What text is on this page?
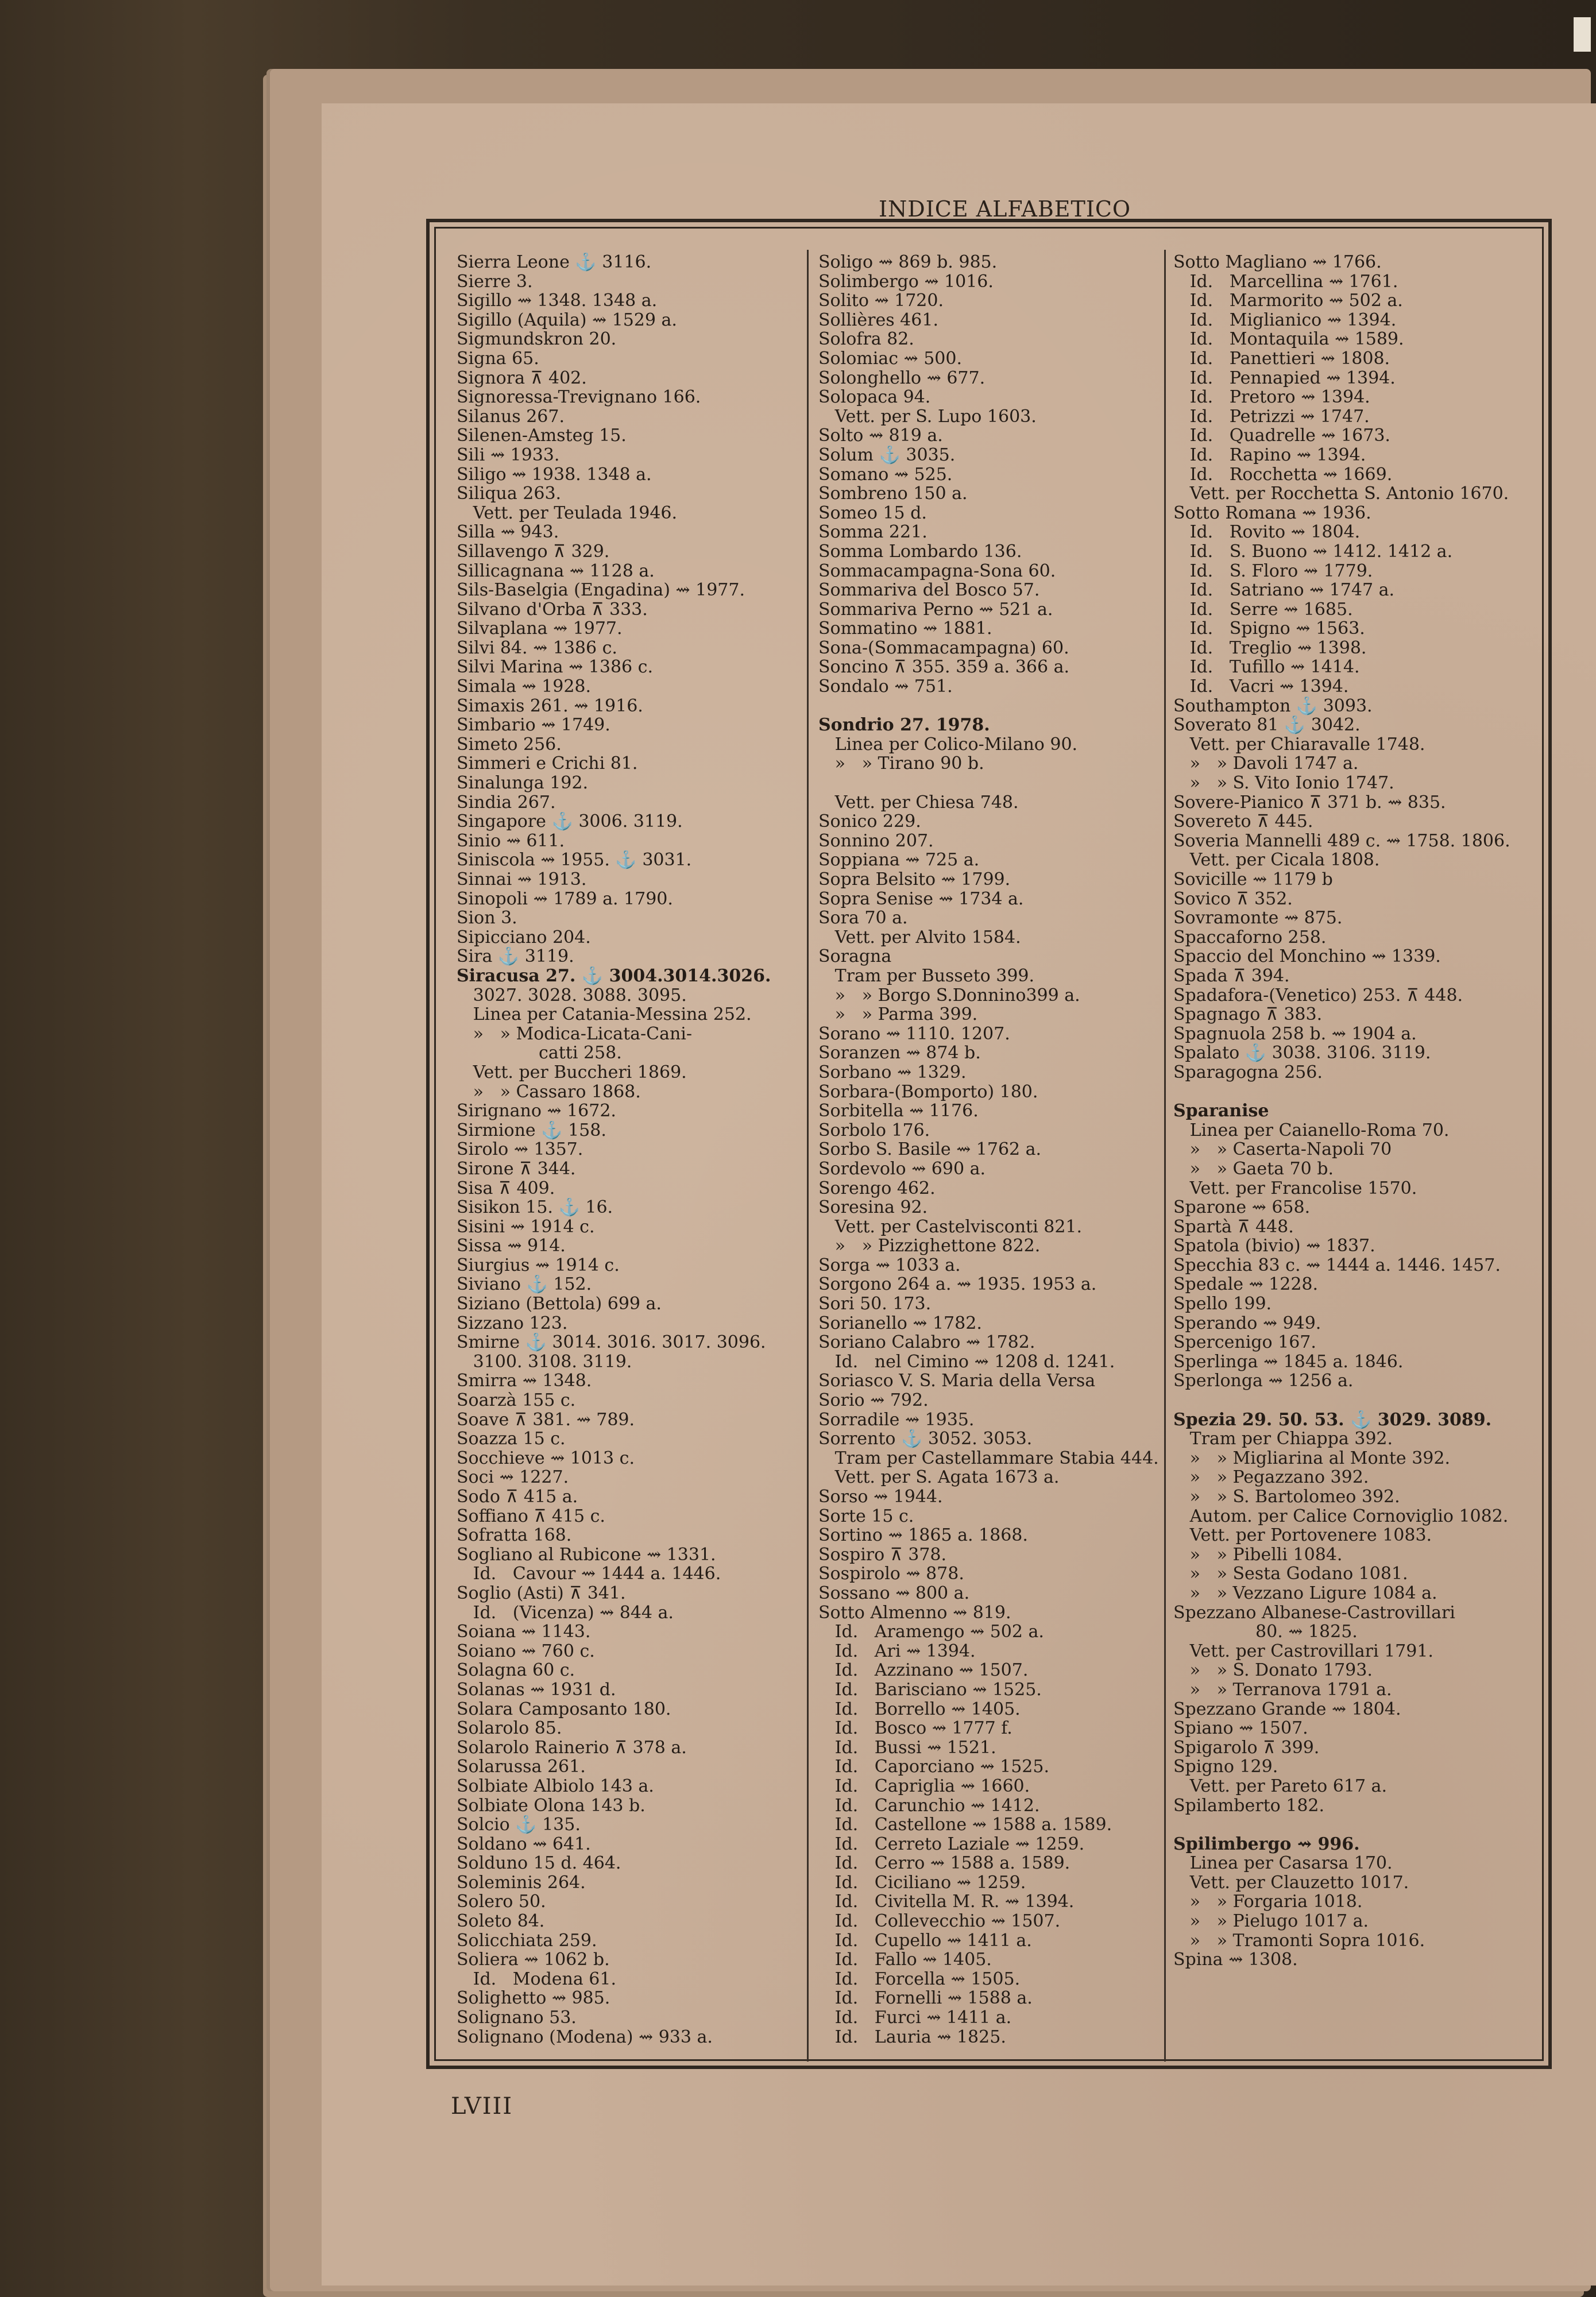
INDICE ALFABETICO
Sierra Leone ⚓ 3116.
Sierre 3.
Sigillo ⇝ 1348. 1348 a.
Sigillo (Aquila) ⇝ 1529 a.
Sigmundskron 20.
Signa 65.
Signora ⊼ 402.
Signoressa-Trevignano 166.
Silanus 267.
Silenen-Amsteg 15.
Sili ⇝ 1933.
Siligo ⇝ 1938. 1348 a.
Siliqua 263.
Vett. per Teulada 1946.
Silla ⇝ 943.
Sillavengo ⊼ 329.
Sillicagnana ⇝ 1128 a.
Sils-Baselgia (Engadina) ⇝ 1977.
Silvano d'Orba ⊼ 333.
Silvaplana ⇝ 1977.
Silvi 84. ⇝ 1386 c.
Silvi Marina ⇝ 1386 c.
Simala ⇝ 1928.
Simaxis 261. ⇝ 1916.
Simbario ⇝ 1749.
Simeto 256.
Simmeri e Crichi 81.
Sinalunga 192.
Sindia 267.
Singapore ⚓ 3006. 3119.
Sinio ⇝ 611.
Siniscola ⇝ 1955. ⚓ 3031.
Sinnai ⇝ 1913.
Sinopoli ⇝ 1789 a. 1790.
Sion 3.
Sipicciano 204.
Sira ⚓ 3119.
Siracusa 27. ⚓ 3004.3014.3026.
3027. 3028. 3088. 3095.
Linea per Catania-Messina 252.
»   » Modica-Licata-Cani-
catti 258.
Vett. per Buccheri 1869.
»   » Cassaro 1868.
Sirignano ⇝ 1672.
Sirmione ⚓ 158.
Sirolo ⇝ 1357.
Sirone ⊼ 344.
Sisa ⊼ 409.
Sisikon 15. ⚓ 16.
Sisini ⇝ 1914 c.
Sissa ⇝ 914.
Siurgius ⇝ 1914 c.
Siviano ⚓ 152.
Siziano (Bettola) 699 a.
Sizzano 123.
Smirne ⚓ 3014. 3016. 3017. 3096.
3100. 3108. 3119.
Smirra ⇝ 1348.
Soarzà 155 c.
Soave ⊼ 381. ⇝ 789.
Soazza 15 c.
Socchieve ⇝ 1013 c.
Soci ⇝ 1227.
Sodo ⊼ 415 a.
Soffiano ⊼ 415 c.
Sofratta 168.
Sogliano al Rubicone ⇝ 1331.
Id.   Cavour ⇝ 1444 a. 1446.
Soglio (Asti) ⊼ 341.
Id.   (Vicenza) ⇝ 844 a.
Soiana ⇝ 1143.
Soiano ⇝ 760 c.
Solagna 60 c.
Solanas ⇝ 1931 d.
Solara Camposanto 180.
Solarolo 85.
Solarolo Rainerio ⊼ 378 a.
Solarussa 261.
Solbiate Albiolo 143 a.
Solbiate Olona 143 b.
Solcio ⚓ 135.
Soldano ⇝ 641.
Solduno 15 d. 464.
Soleminis 264.
Solero 50.
Soleto 84.
Solicchiata 259.
Soliera ⇝ 1062 b.
Id.   Modena 61.
Solighetto ⇝ 985.
Solignano 53.
Solignano (Modena) ⇝ 933 a.
Soligo ⇝ 869 b. 985.
Solimbergo ⇝ 1016.
Solito ⇝ 1720.
Sollières 461.
Solofra 82.
Solomiac ⇝ 500.
Solonghello ⇝ 677.
Solopaca 94.
Vett. per S. Lupo 1603.
Solto ⇝ 819 a.
Solum ⚓ 3035.
Somano ⇝ 525.
Sombreno 150 a.
Someo 15 d.
Somma 221.
Somma Lombardo 136.
Sommacampagna-Sona 60.
Sommariva del Bosco 57.
Sommariva Perno ⇝ 521 a.
Sommatino ⇝ 1881.
Sona-(Sommacampagna) 60.
Soncino ⊼ 355. 359 a. 366 a.
Sondalo ⇝ 751.
Sondrio 27. 1978.
Linea per Colico-Milano 90.
»   » Tirano 90 b.
Vett. per Chiesa 748.
Sonico 229.
Sonnino 207.
Soppiana ⇝ 725 a.
Sopra Belsito ⇝ 1799.
Sopra Senise ⇝ 1734 a.
Sora 70 a.
Vett. per Alvito 1584.
Soragna
Tram per Busseto 399.
»   » Borgo S.Donnino399 a.
»   » Parma 399.
Sorano ⇝ 1110. 1207.
Soranzen ⇝ 874 b.
Sorbano ⇝ 1329.
Sorbara-(Bomporto) 180.
Sorbitella ⇝ 1176.
Sorbolo 176.
Sorbo S. Basile ⇝ 1762 a.
Sordevolo ⇝ 690 a.
Sorengo 462.
Soresina 92.
Vett. per Castelvisconti 821.
»   » Pizzighettone 822.
Sorga ⇝ 1033 a.
Sorgono 264 a. ⇝ 1935. 1953 a.
Sori 50. 173.
Sorianello ⇝ 1782.
Soriano Calabro ⇝ 1782.
Id.   nel Cimino ⇝ 1208 d. 1241.
Soriasco V. S. Maria della Versa
Sorio ⇝ 792.
Sorradile ⇝ 1935.
Sorrento ⚓ 3052. 3053.
Tram per Castellammare Stabia 444.
Vett. per S. Agata 1673 a.
Sorso ⇝ 1944.
Sorte 15 c.
Sortino ⇝ 1865 a. 1868.
Sospiro ⊼ 378.
Sospirolo ⇝ 878.
Sossano ⇝ 800 a.
Sotto Almenno ⇝ 819.
Id.   Aramengo ⇝ 502 a.
Id.   Ari ⇝ 1394.
Id.   Azzinano ⇝ 1507.
Id.   Barisciano ⇝ 1525.
Id.   Borrello ⇝ 1405.
Id.   Bosco ⇝ 1777 f.
Id.   Bussi ⇝ 1521.
Id.   Caporciano ⇝ 1525.
Id.   Capriglia ⇝ 1660.
Id.   Carunchio ⇝ 1412.
Id.   Castellone ⇝ 1588 a. 1589.
Id.   Cerreto Laziale ⇝ 1259.
Id.   Cerro ⇝ 1588 a. 1589.
Id.   Ciciliano ⇝ 1259.
Id.   Civitella M. R. ⇝ 1394.
Id.   Collevecchio ⇝ 1507.
Id.   Cupello ⇝ 1411 a.
Id.   Fallo ⇝ 1405.
Id.   Forcella ⇝ 1505.
Id.   Fornelli ⇝ 1588 a.
Id.   Furci ⇝ 1411 a.
Id.   Lauria ⇝ 1825.
Sotto Magliano ⇝ 1766.
Id.   Marcellina ⇝ 1761.
Id.   Marmorito ⇝ 502 a.
Id.   Miglianico ⇝ 1394.
Id.   Montaquila ⇝ 1589.
Id.   Panettieri ⇝ 1808.
Id.   Pennapied ⇝ 1394.
Id.   Pretoro ⇝ 1394.
Id.   Petrizzi ⇝ 1747.
Id.   Quadrelle ⇝ 1673.
Id.   Rapino ⇝ 1394.
Id.   Rocchetta ⇝ 1669.
Vett. per Rocchetta S. Antonio 1670.
Sotto Romana ⇝ 1936.
Id.   Rovito ⇝ 1804.
Id.   S. Buono ⇝ 1412. 1412 a.
Id.   S. Floro ⇝ 1779.
Id.   Satriano ⇝ 1747 a.
Id.   Serre ⇝ 1685.
Id.   Spigno ⇝ 1563.
Id.   Treglio ⇝ 1398.
Id.   Tufillo ⇝ 1414.
Id.   Vacri ⇝ 1394.
Southampton ⚓ 3093.
Soverato 81 ⚓ 3042.
Vett. per Chiaravalle 1748.
»   » Davoli 1747 a.
»   » S. Vito Ionio 1747.
Sovere-Pianico ⊼ 371 b. ⇝ 835.
Sovereto ⊼ 445.
Soveria Mannelli 489 c. ⇝ 1758. 1806.
Vett. per Cicala 1808.
Sovicille ⇝ 1179 b
Sovico ⊼ 352.
Sovramonte ⇝ 875.
Spaccaforno 258.
Spaccio del Monchino ⇝ 1339.
Spada ⊼ 394.
Spadafora-(Venetico) 253. ⊼ 448.
Spagnago ⊼ 383.
Spagnuola 258 b. ⇝ 1904 a.
Spalato ⚓ 3038. 3106. 3119.
Sparagogna 256.
Sparanise
Linea per Caianello-Roma 70.
»   » Caserta-Napoli 70
»   » Gaeta 70 b.
Vett. per Francolise 1570.
Sparone ⇝ 658.
Spartà ⊼ 448.
Spatola (bivio) ⇝ 1837.
Specchia 83 c. ⇝ 1444 a. 1446. 1457.
Spedale ⇝ 1228.
Spello 199.
Sperando ⇝ 949.
Spercenigo 167.
Sperlinga ⇝ 1845 a. 1846.
Sperlonga ⇝ 1256 a.
Spezia 29. 50. 53. ⚓ 3029. 3089.
Tram per Chiappa 392.
»   » Migliarina al Monte 392.
»   » Pegazzano 392.
»   » S. Bartolomeo 392.
Autom. per Calice Cornoviglio 1082.
Vett. per Portovenere 1083.
»   » Pibelli 1084.
»   » Sesta Godano 1081.
»   » Vezzano Ligure 1084 a.
Spezzano Albanese-Castrovillari
80. ⇝ 1825.
Vett. per Castrovillari 1791.
»   » S. Donato 1793.
»   » Terranova 1791 a.
Spezzano Grande ⇝ 1804.
Spiano ⇝ 1507.
Spigarolo ⊼ 399.
Spigno 129.
Vett. per Pareto 617 a.
Spilamberto 182.
Spilimbergo ⇝ 996.
Linea per Casarsa 170.
Vett. per Clauzetto 1017.
»   » Forgaria 1018.
»   » Pielugo 1017 a.
»   » Tramonti Sopra 1016.
Spina ⇝ 1308.
LVIII
